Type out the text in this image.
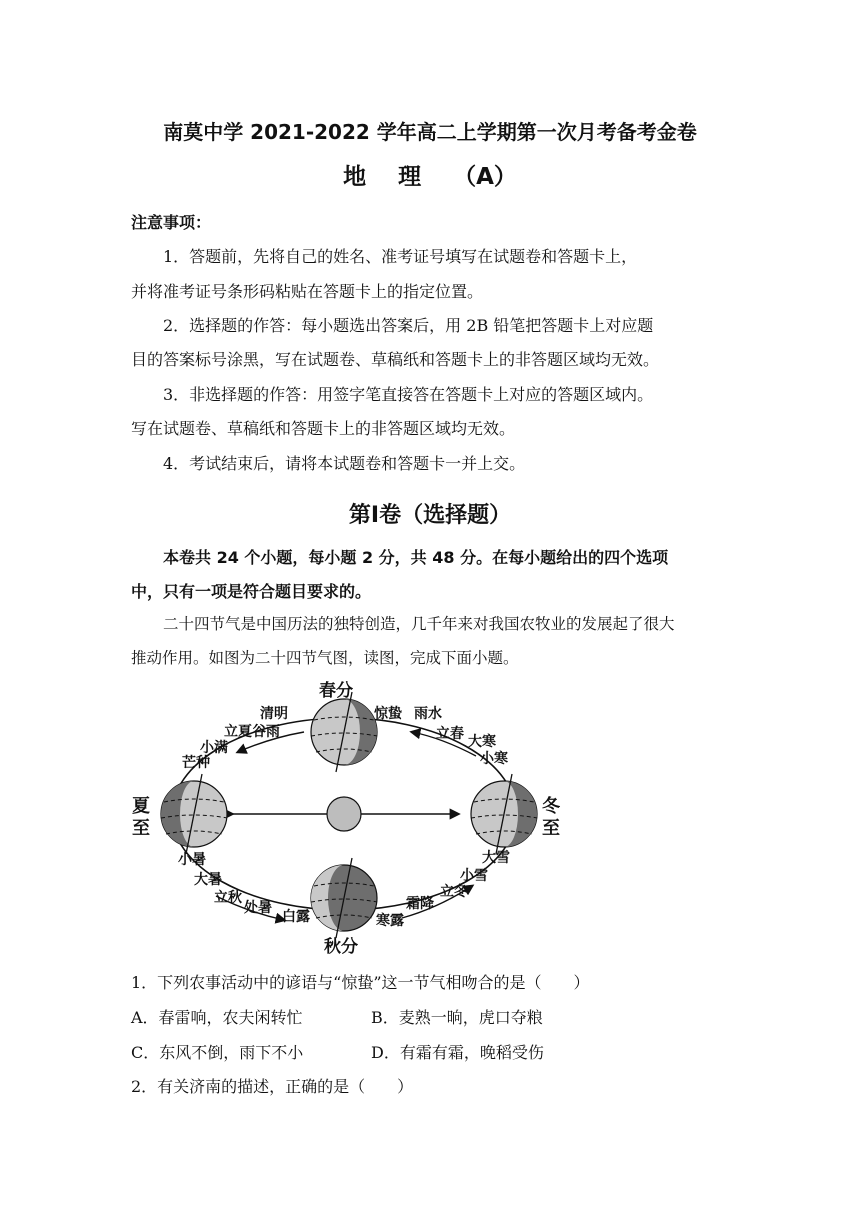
南莫中学 2021-2022 学年高二上学期第一次月考备考金卷
地    理    （A）
注意事项：
1．答题前，先将自己的姓名、准考证号填写在试题卷和答题卡上，
并将准考证号条形码粘贴在答题卡上的指定位置。
2．选择题的作答：每小题选出答案后，用 2B 铅笔把答题卡上对应题
目的答案标号涂黑，写在试题卷、草稿纸和答题卡上的非答题区域均无效。
3．非选择题的作答：用签字笔直接答在答题卡上对应的答题区域内。
写在试题卷、草稿纸和答题卡上的非答题区域均无效。
4．考试结束后，请将本试题卷和答题卡一并上交。
第Ⅰ卷（选择题）
本卷共 24 个小题，每小题 2 分，共 48 分。在每小题给出的四个选项
中，只有一项是符合题目要求的。
二十四节气是中国历法的独特创造，几千年来对我国农牧业的发展起了很大
推动作用。如图为二十四节气图，读图，完成下面小题。
春分
清明
立夏谷雨
小满
芒种
惊蛰 雨水
立春 大寒
小寒
夏
至
冬
至
小暑
大暑
立秋
处暑
白露
秋分
寒露
霜降
立冬
小雪
大雪
1．下列农事活动中的谚语与“惊蛰”这一节气相吻合的是（　　）
A．春雷响，农夫闲转忙	B．麦熟一晌，虎口夺粮
C．东风不倒，雨下不小	D．有霜有霜，晚稻受伤
2．有关济南的描述，正确的是（　　）
